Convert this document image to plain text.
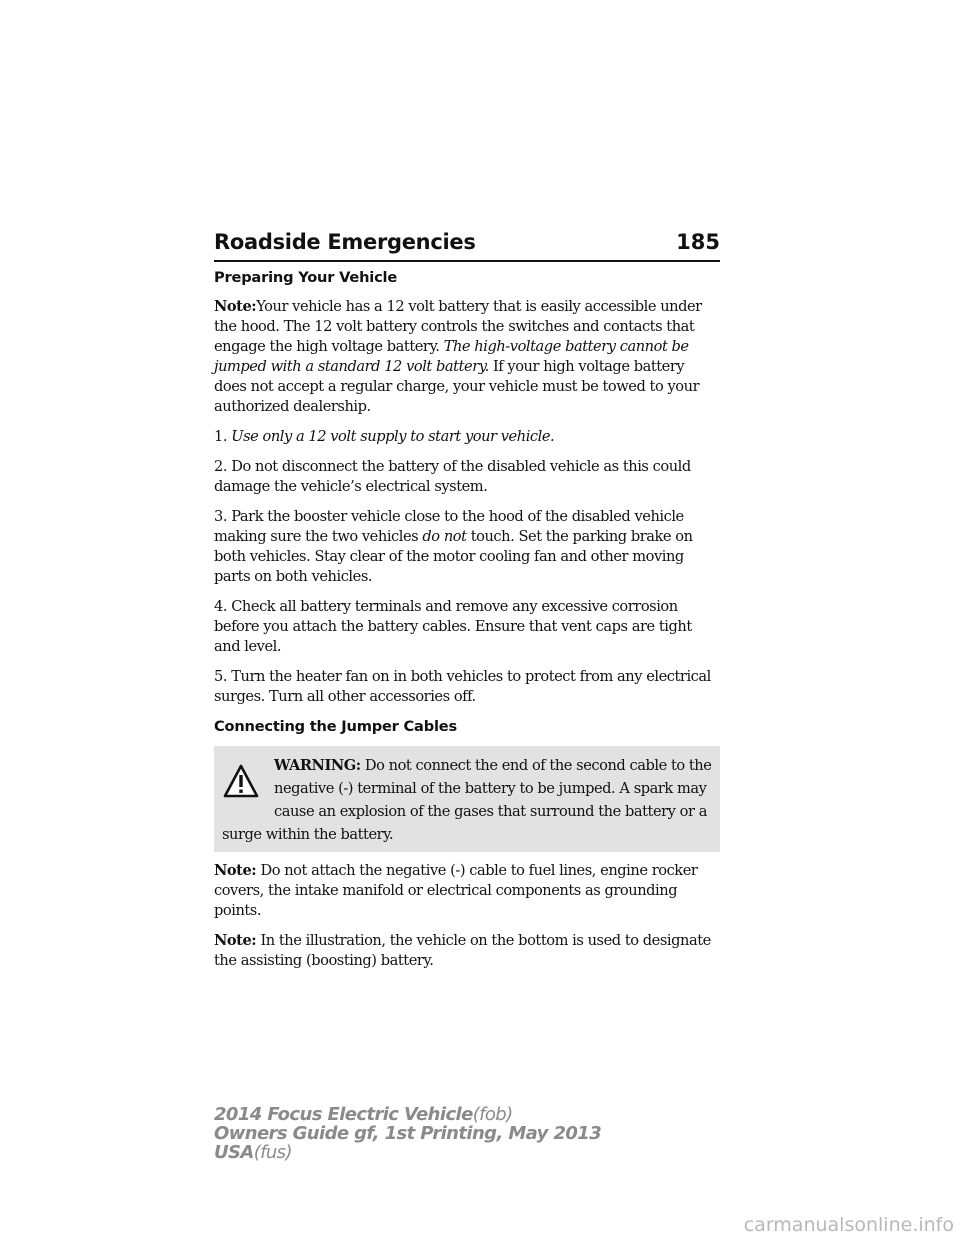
Roadside Emergencies	185
Preparing Your Vehicle

Note:Your vehicle has a 12 volt battery that is easily accessible under the hood. The 12 volt battery controls the switches and contacts that engage the high voltage battery. The high-voltage battery cannot be jumped with a standard 12 volt battery. If your high voltage battery does not accept a regular charge, your vehicle must be towed to your authorized dealership.

1. Use only a 12 volt supply to start your vehicle.

2. Do not disconnect the battery of the disabled vehicle as this could damage the vehicle’s electrical system.

3. Park the booster vehicle close to the hood of the disabled vehicle making sure the two vehicles do not touch. Set the parking brake on both vehicles. Stay clear of the motor cooling fan and other moving parts on both vehicles.

4. Check all battery terminals and remove any excessive corrosion before you attach the battery cables. Ensure that vent caps are tight and level.

5. Turn the heater fan on in both vehicles to protect from any electrical surges. Turn all other accessories off.

Connecting the Jumper Cables

WARNING: Do not connect the end of the second cable to the negative (-) terminal of the battery to be jumped. A spark may cause an explosion of the gases that surround the battery or a surge within the battery.

Note: Do not attach the negative (-) cable to fuel lines, engine rocker covers, the intake manifold or electrical components as grounding points.

Note: In the illustration, the vehicle on the bottom is used to designate the assisting (boosting) battery.

2014 Focus Electric Vehicle(fob)
Owners Guide gf, 1st Printing, May 2013
USA(fus)
carmanualsonline.info
